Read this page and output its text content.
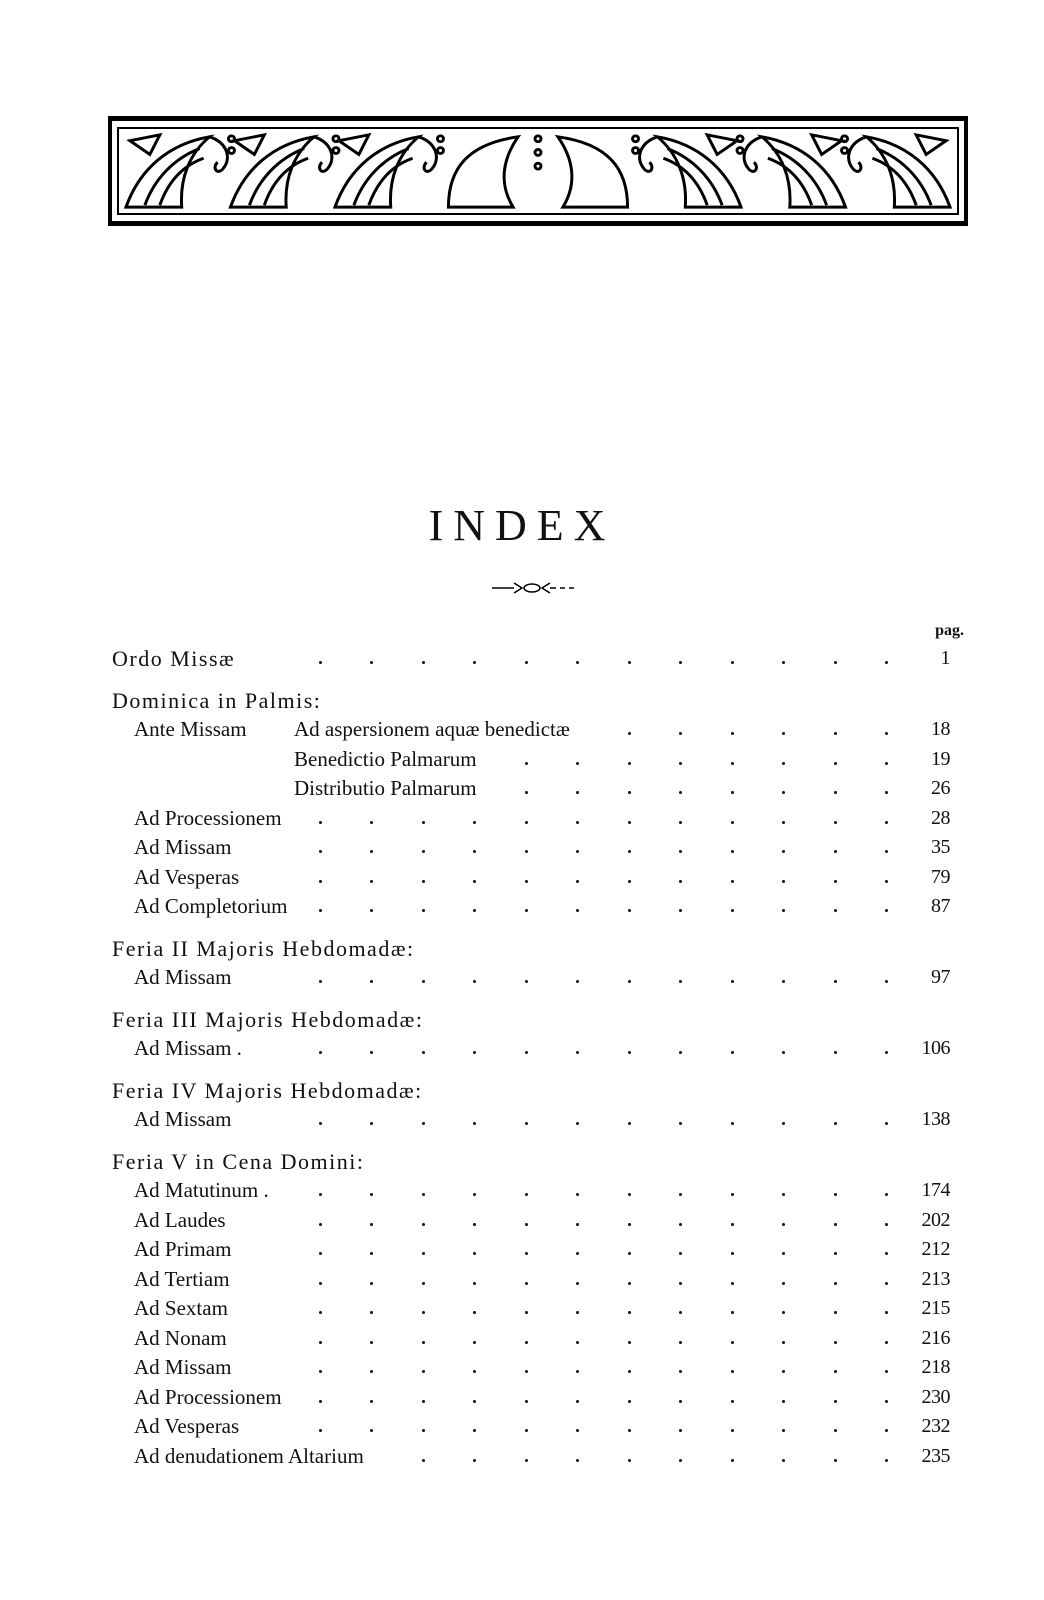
INDEX
pag.
Ordo Missæ	1
Dominica in Palmis:
Ante Missam Ad aspersionem aquæ benedictæ	18
Benedictio Palmarum	19
Distributio Palmarum	26
Ad Processionem	28
Ad Missam	35
Ad Vesperas	79
Ad Completorium	87
Feria II Majoris Hebdomadæ:
Ad Missam	97
Feria III Majoris Hebdomadæ:
Ad Missam .	106
Feria IV Majoris Hebdomadæ:
Ad Missam	138
Feria V in Cena Domini:
Ad Matutinum .	174
Ad Laudes	202
Ad Primam	212
Ad Tertiam	213
Ad Sextam	215
Ad Nonam	216
Ad Missam	218
Ad Processionem	230
Ad Vesperas	232
Ad denudationem Altarium	235
